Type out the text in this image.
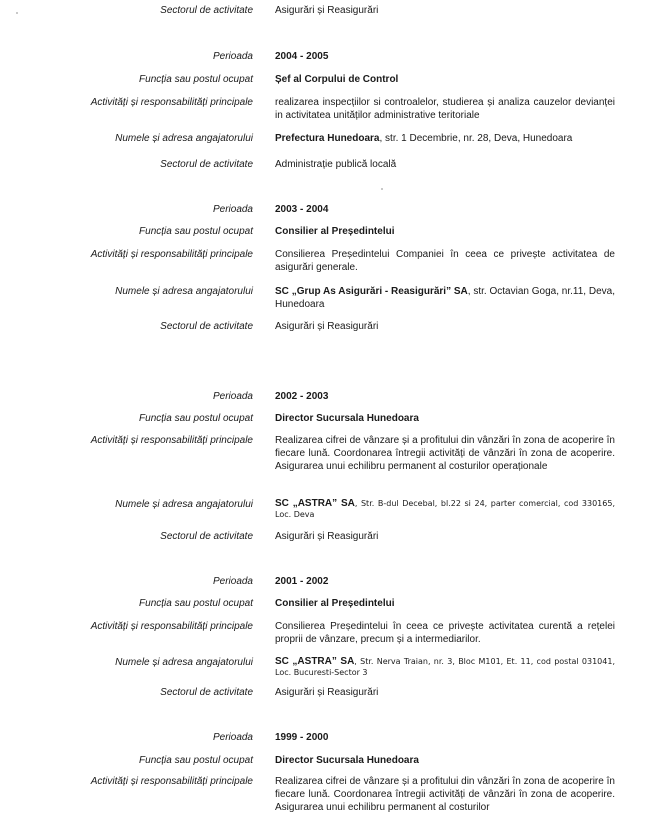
Sectorul de activitate Asigurări și Reasigurări
Perioada 2004 - 2005
Funcția sau postul ocupat Șef al Corpului de Control
Activități și responsabilități principale realizarea inspecțiilor si controalelor, studierea și analiza cauzelor devianței in activitatea unităților administrative teritoriale
Numele și adresa angajatorului Prefectura Hunedoara, str. 1 Decembrie, nr. 28, Deva, Hunedoara
Sectorul de activitate Administrație publică locală
Perioada 2003 - 2004
Funcția sau postul ocupat Consilier al Președintelui
Activități și responsabilități principale Consilierea Președintelui Companiei în ceea ce privește activitatea de asigurări generale.
Numele și adresa angajatorului SC „Grup As Asigurări - Reasigurări” SA, str. Octavian Goga, nr.11, Deva, Hunedoara
Sectorul de activitate Asigurări și Reasigurări
Perioada 2002 - 2003
Funcția sau postul ocupat Director Sucursala Hunedoara
Activități și responsabilități principale Realizarea cifrei de vânzare și a profitului din vânzări în zona de acoperire în fiecare lună. Coordonarea întregii activități de vânzări în zona de acoperire. Asigurarea unui echilibru permanent al costurilor operaționale
Numele și adresa angajatorului SC „ASTRA” SA, Str. B-dul Decebal, bl.22 si 24, parter comercial, cod 330165, Loc. Deva
Sectorul de activitate Asigurări și Reasigurări
Perioada 2001 - 2002
Funcția sau postul ocupat Consilier al Președintelui
Activități și responsabilități principale Consilierea Președintelui în ceea ce privește activitatea curentă a rețelei proprii de vânzare, precum și a intermediarilor.
Numele și adresa angajatorului SC „ASTRA” SA, Str. Nerva Traian, nr. 3, Bloc M101, Et. 11, cod postal 031041, Loc. Bucuresti-Sector 3
Sectorul de activitate Asigurări și Reasigurări
Perioada 1999 - 2000
Funcția sau postul ocupat Director Sucursala Hunedoara
Activități și responsabilități principale Realizarea cifrei de vânzare și a profitului din vânzări în zona de acoperire în fiecare lună. Coordonarea întregii activități de vânzări în zona de acoperire. Asigurarea unui echilibru permanent al costurilor
